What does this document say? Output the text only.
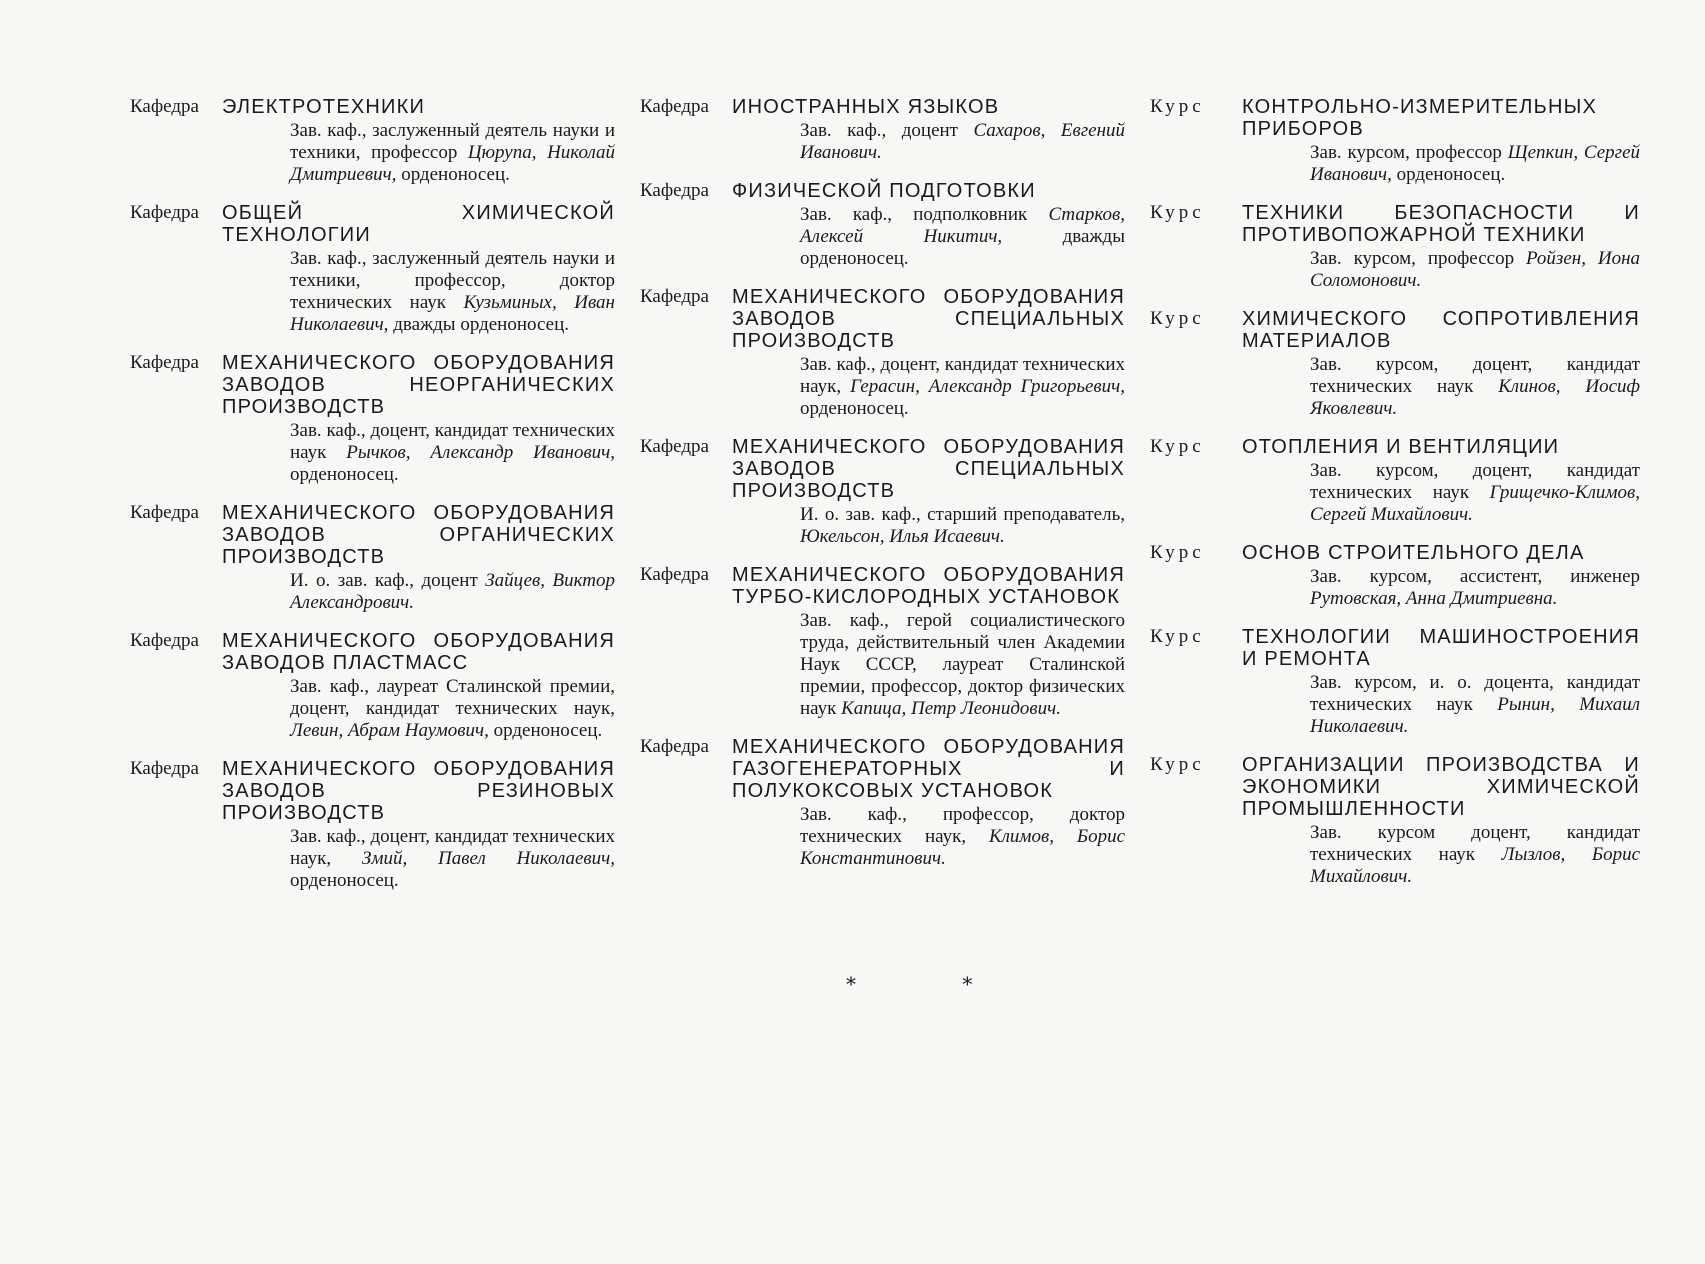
Кафедра ЭЛЕКТРОТЕХНИКИ
Зав. каф., заслуженный деятель науки и техники, профессор Цюрупа, Николай Дмитриевич, орденоносец.
Кафедра ОБЩЕЙ ХИМИЧЕСКОЙ ТЕХНОЛОГИИ
Зав. каф., заслуженный деятель науки и техники, профессор, доктор технических наук Кузьминых, Иван Николаевич, дважды орденоносец.
Кафедра МЕХАНИЧЕСКОГО ОБОРУДОВАНИЯ ЗАВОДОВ НЕОРГАНИЧЕСКИХ ПРОИЗВОДСТВ
Зав. каф., доцент, кандидат технических наук Рычков, Александр Иванович, орденоносец.
Кафедра МЕХАНИЧЕСКОГО ОБОРУДОВАНИЯ ЗАВОДОВ ОРГАНИЧЕСКИХ ПРОИЗВОДСТВ
И. о. зав. каф., доцент Зайцев, Виктор Александрович.
Кафедра МЕХАНИЧЕСКОГО ОБОРУДОВАНИЯ ЗАВОДОВ ПЛАСТМАСС
Зав. каф., лауреат Сталинской премии, доцент, кандидат технических наук, Левин, Абрам Наумович, орденоносец.
Кафедра МЕХАНИЧЕСКОГО ОБОРУДОВАНИЯ ЗАВОДОВ РЕЗИНОВЫХ ПРОИЗВОДСТВ
Зав. каф., доцент, кандидат технических наук, Змий, Павел Николаевич, орденоносец.
Кафедра ИНОСТРАННЫХ ЯЗЫКОВ
Зав. каф., доцент Сахаров, Евгений Иванович.
Кафедра ФИЗИЧЕСКОЙ ПОДГОТОВКИ
Зав. каф., подполковник Старков, Алексей Никитич, дважды орденоносец.
Кафедра МЕХАНИЧЕСКОГО ОБОРУДОВАНИЯ ЗАВОДОВ СПЕЦИАЛЬНЫХ ПРОИЗВОДСТВ
Зав. каф., доцент, кандидат технических наук, Герасин, Александр Григорьевич, орденоносец.
Кафедра МЕХАНИЧЕСКОГО ОБОРУДОВАНИЯ ЗАВОДОВ СПЕЦИАЛЬНЫХ ПРОИЗВОДСТВ
И. о. зав. каф., старший преподаватель, Юкельсон, Илья Исаевич.
Кафедра МЕХАНИЧЕСКОГО ОБОРУДОВАНИЯ ТУРБО-КИСЛОРОДНЫХ УСТАНОВОК
Зав. каф., герой социалистического труда, действительный член Академии Наук СССР, лауреат Сталинской премии, профессор, доктор физических наук Капица, Петр Леонидович.
Кафедра МЕХАНИЧЕСКОГО ОБОРУДОВАНИЯ ГАЗОГЕНЕРАТОРНЫХ И ПОЛУКОКСОВЫХ УСТАНОВОК
Зав. каф., профессор, доктор технических наук, Климов, Борис Константинович.
Курс КОНТРОЛЬНО-ИЗМЕРИТЕЛЬНЫХ ПРИБОРОВ
Зав. курсом, профессор Щепкин, Сергей Иванович, орденоносец.
Курс ТЕХНИКИ БЕЗОПАСНОСТИ И ПРОТИВОПОЖАРНОЙ ТЕХНИКИ
Зав. курсом, профессор Ройзен, Иона Соломонович.
Курс ХИМИЧЕСКОГО СОПРОТИВЛЕНИЯ МАТЕРИАЛОВ
Зав. курсом, доцент, кандидат технических наук Клинов, Иосиф Яковлевич.
Курс ОТОПЛЕНИЯ И ВЕНТИЛЯЦИИ
Зав. курсом, доцент, кандидат технических наук Грищечко-Климов, Сергей Михайлович.
Курс ОСНОВ СТРОИТЕЛЬНОГО ДЕЛА
Зав. курсом, ассистент, инженер Рутовская, Анна Дмитриевна.
Курс ТЕХНОЛОГИИ МАШИНОСТРОЕНИЯ И РЕМОНТА
Зав. курсом, и. о. доцента, кандидат технических наук Рынин, Михаил Николаевич.
Курс ОРГАНИЗАЦИИ ПРОИЗВОДСТВА И ЭКОНОМИКИ ХИМИЧЕСКОЙ ПРОМЫШЛЕННОСТИ
Зав. курсом доцент, кандидат технических наук Лызлов, Борис Михайлович.
* *
